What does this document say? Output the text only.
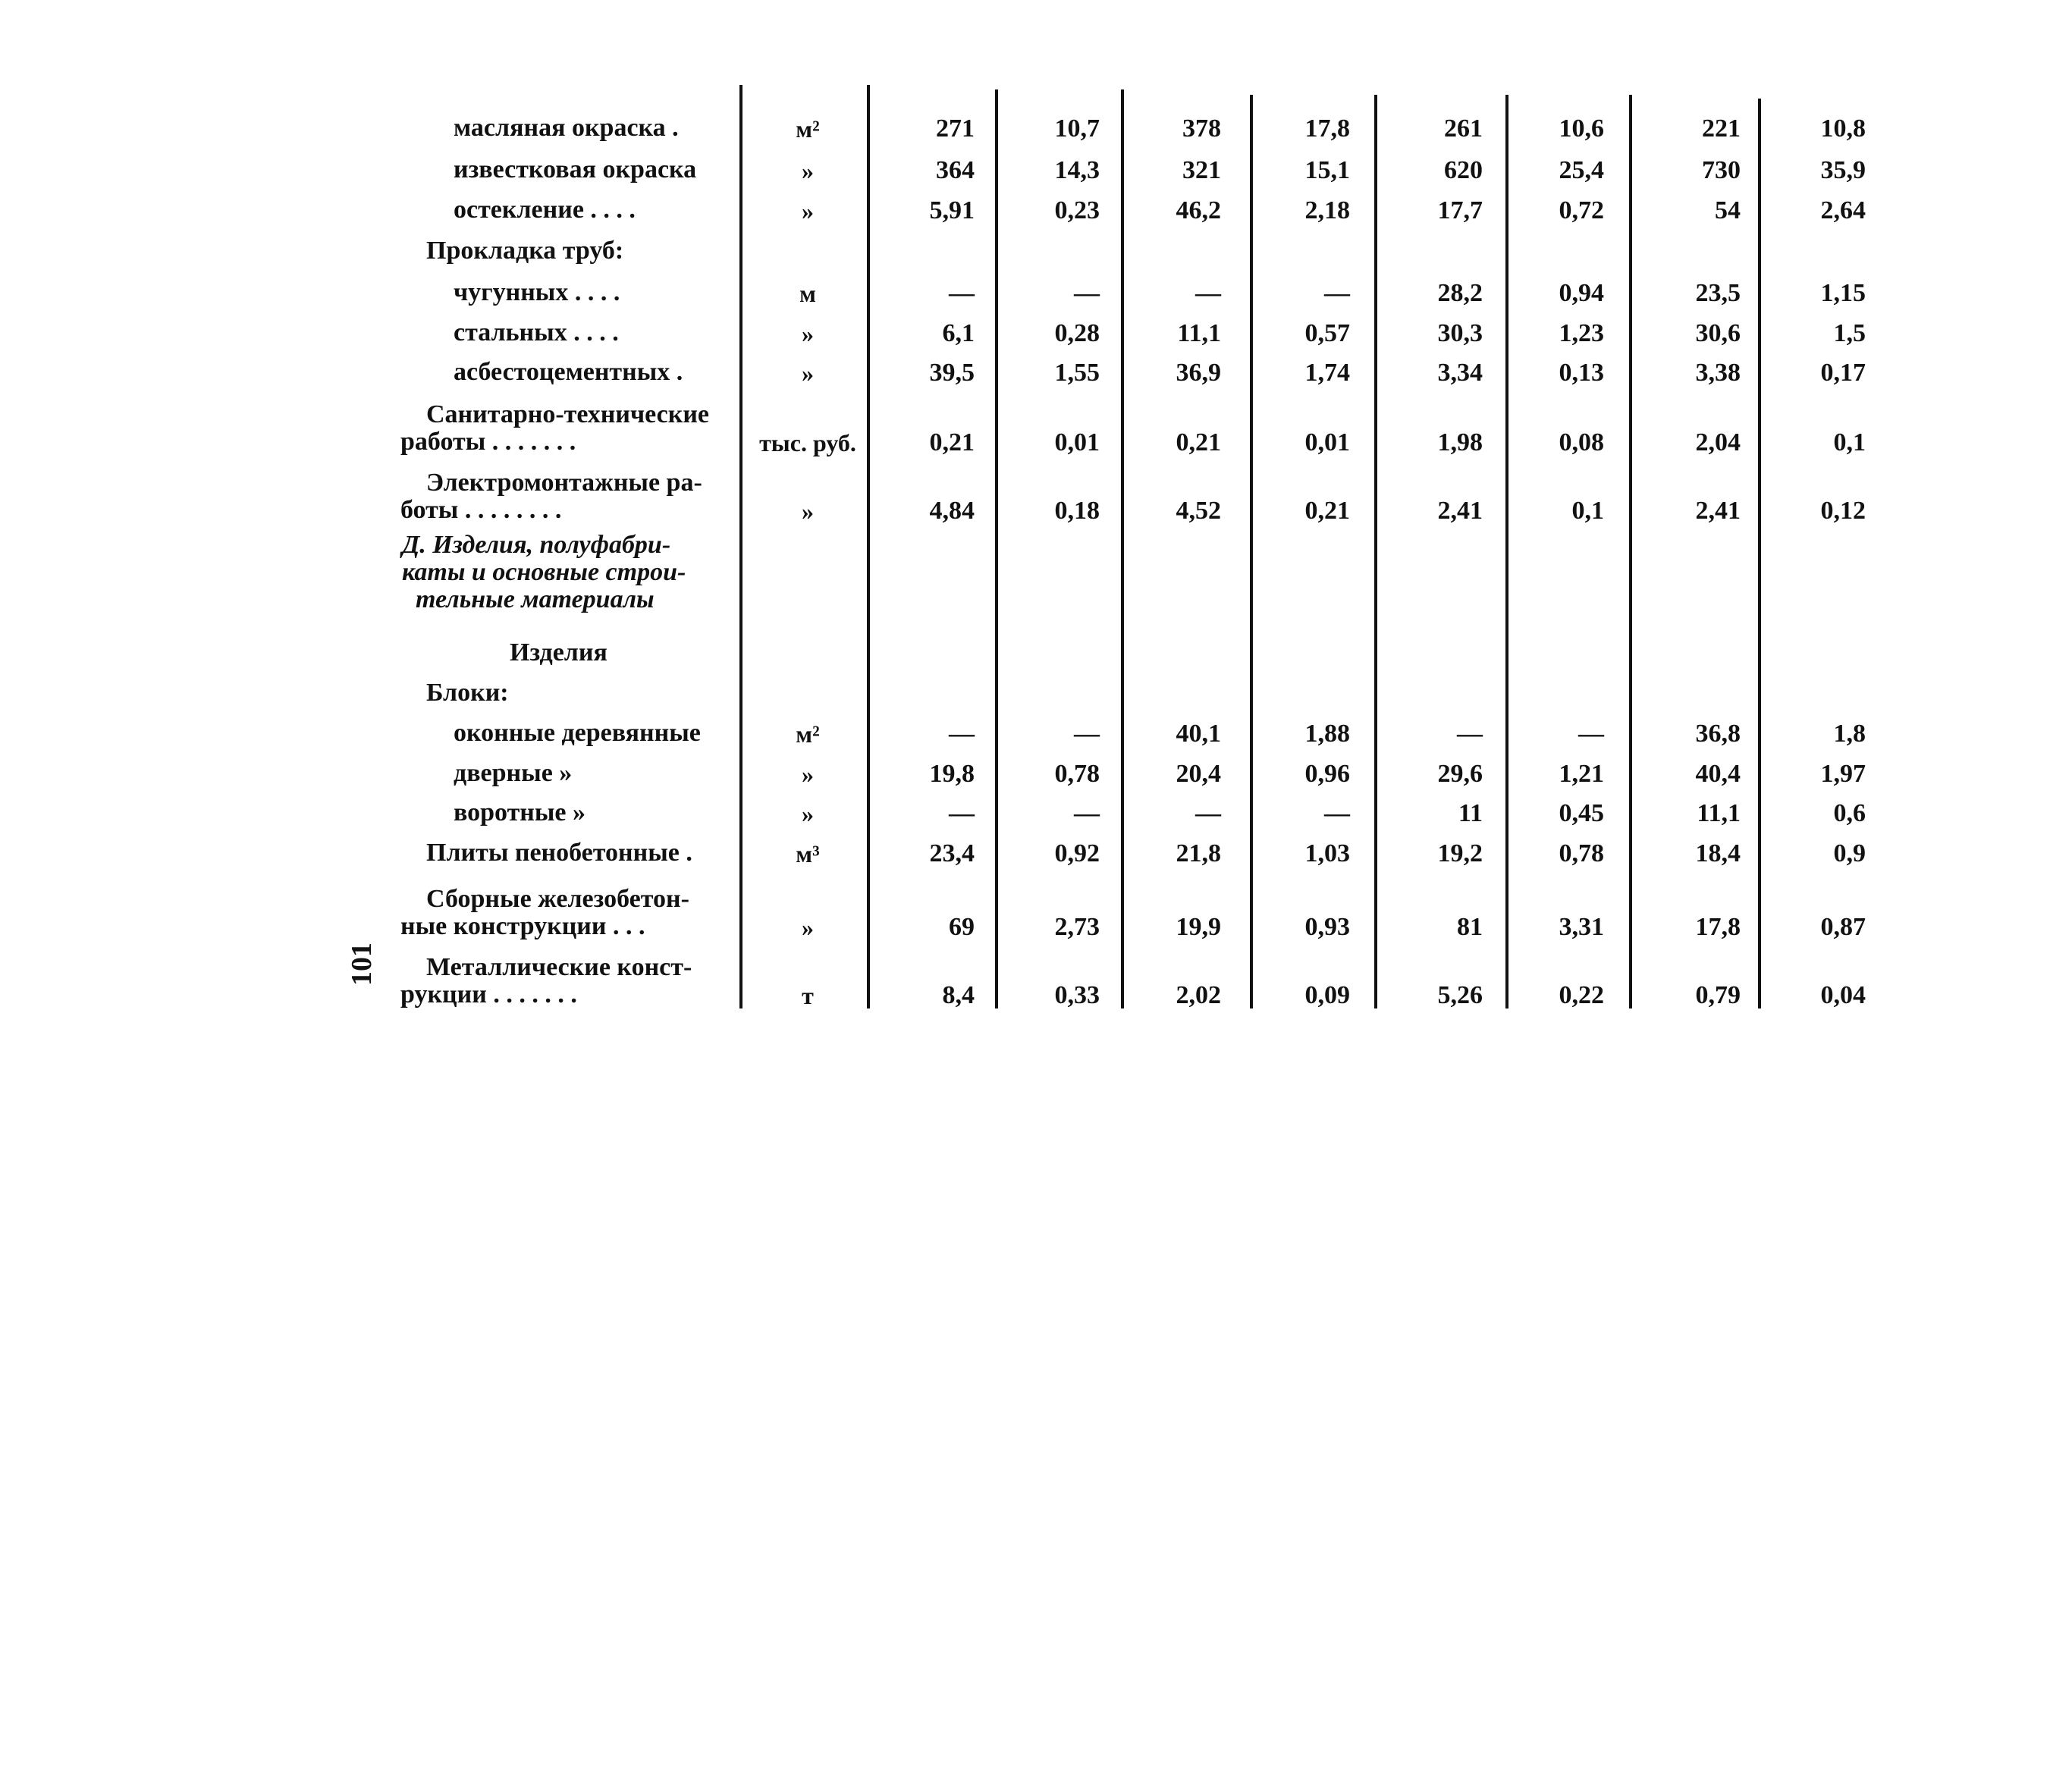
101
масляная окраска .	м²	271	10,7	378	17,8	261	10,6	221	10,8
известковая окраска	»	364	14,3	321	15,1	620	25,4	730	35,9
остекление . . . .	»	5,91	0,23	46,2	2,18	17,7	0,72	54	2,64
Прокладка труб:
чугунных . . . .	м	—	—	—	—	28,2	0,94	23,5	1,15
стальных . . . .	»	6,1	0,28	11,1	0,57	30,3	1,23	30,6	1,5
асбестоцементных .	»	39,5	1,55	36,9	1,74	3,34	0,13	3,38	0,17
Санитарно-технические
работы . . . . . . .	тыс. руб.	0,21	0,01	0,21	0,01	1,98	0,08	2,04	0,1
Электромонтажные ра-
боты . . . . . . . .	»	4,84	0,18	4,52	0,21	2,41	0,1	2,41	0,12
Д. Изделия, полуфабри-
каты и основные строи-
тельные материалы
Изделия
Блоки:
оконные деревянные	м²	—	—	40,1	1,88	—	—	36,8	1,8
дверные »	»	19,8	0,78	20,4	0,96	29,6	1,21	40,4	1,97
воротные »	»	—	—	—	—	11	0,45	11,1	0,6
Плиты пенобетонные .	м³	23,4	0,92	21,8	1,03	19,2	0,78	18,4	0,9
Сборные железобетон-
ные конструкции . . .	»	69	2,73	19,9	0,93	81	3,31	17,8	0,87
Металлические конст-
рукции . . . . . . .	т	8,4	0,33	2,02	0,09	5,26	0,22	0,79	0,04
